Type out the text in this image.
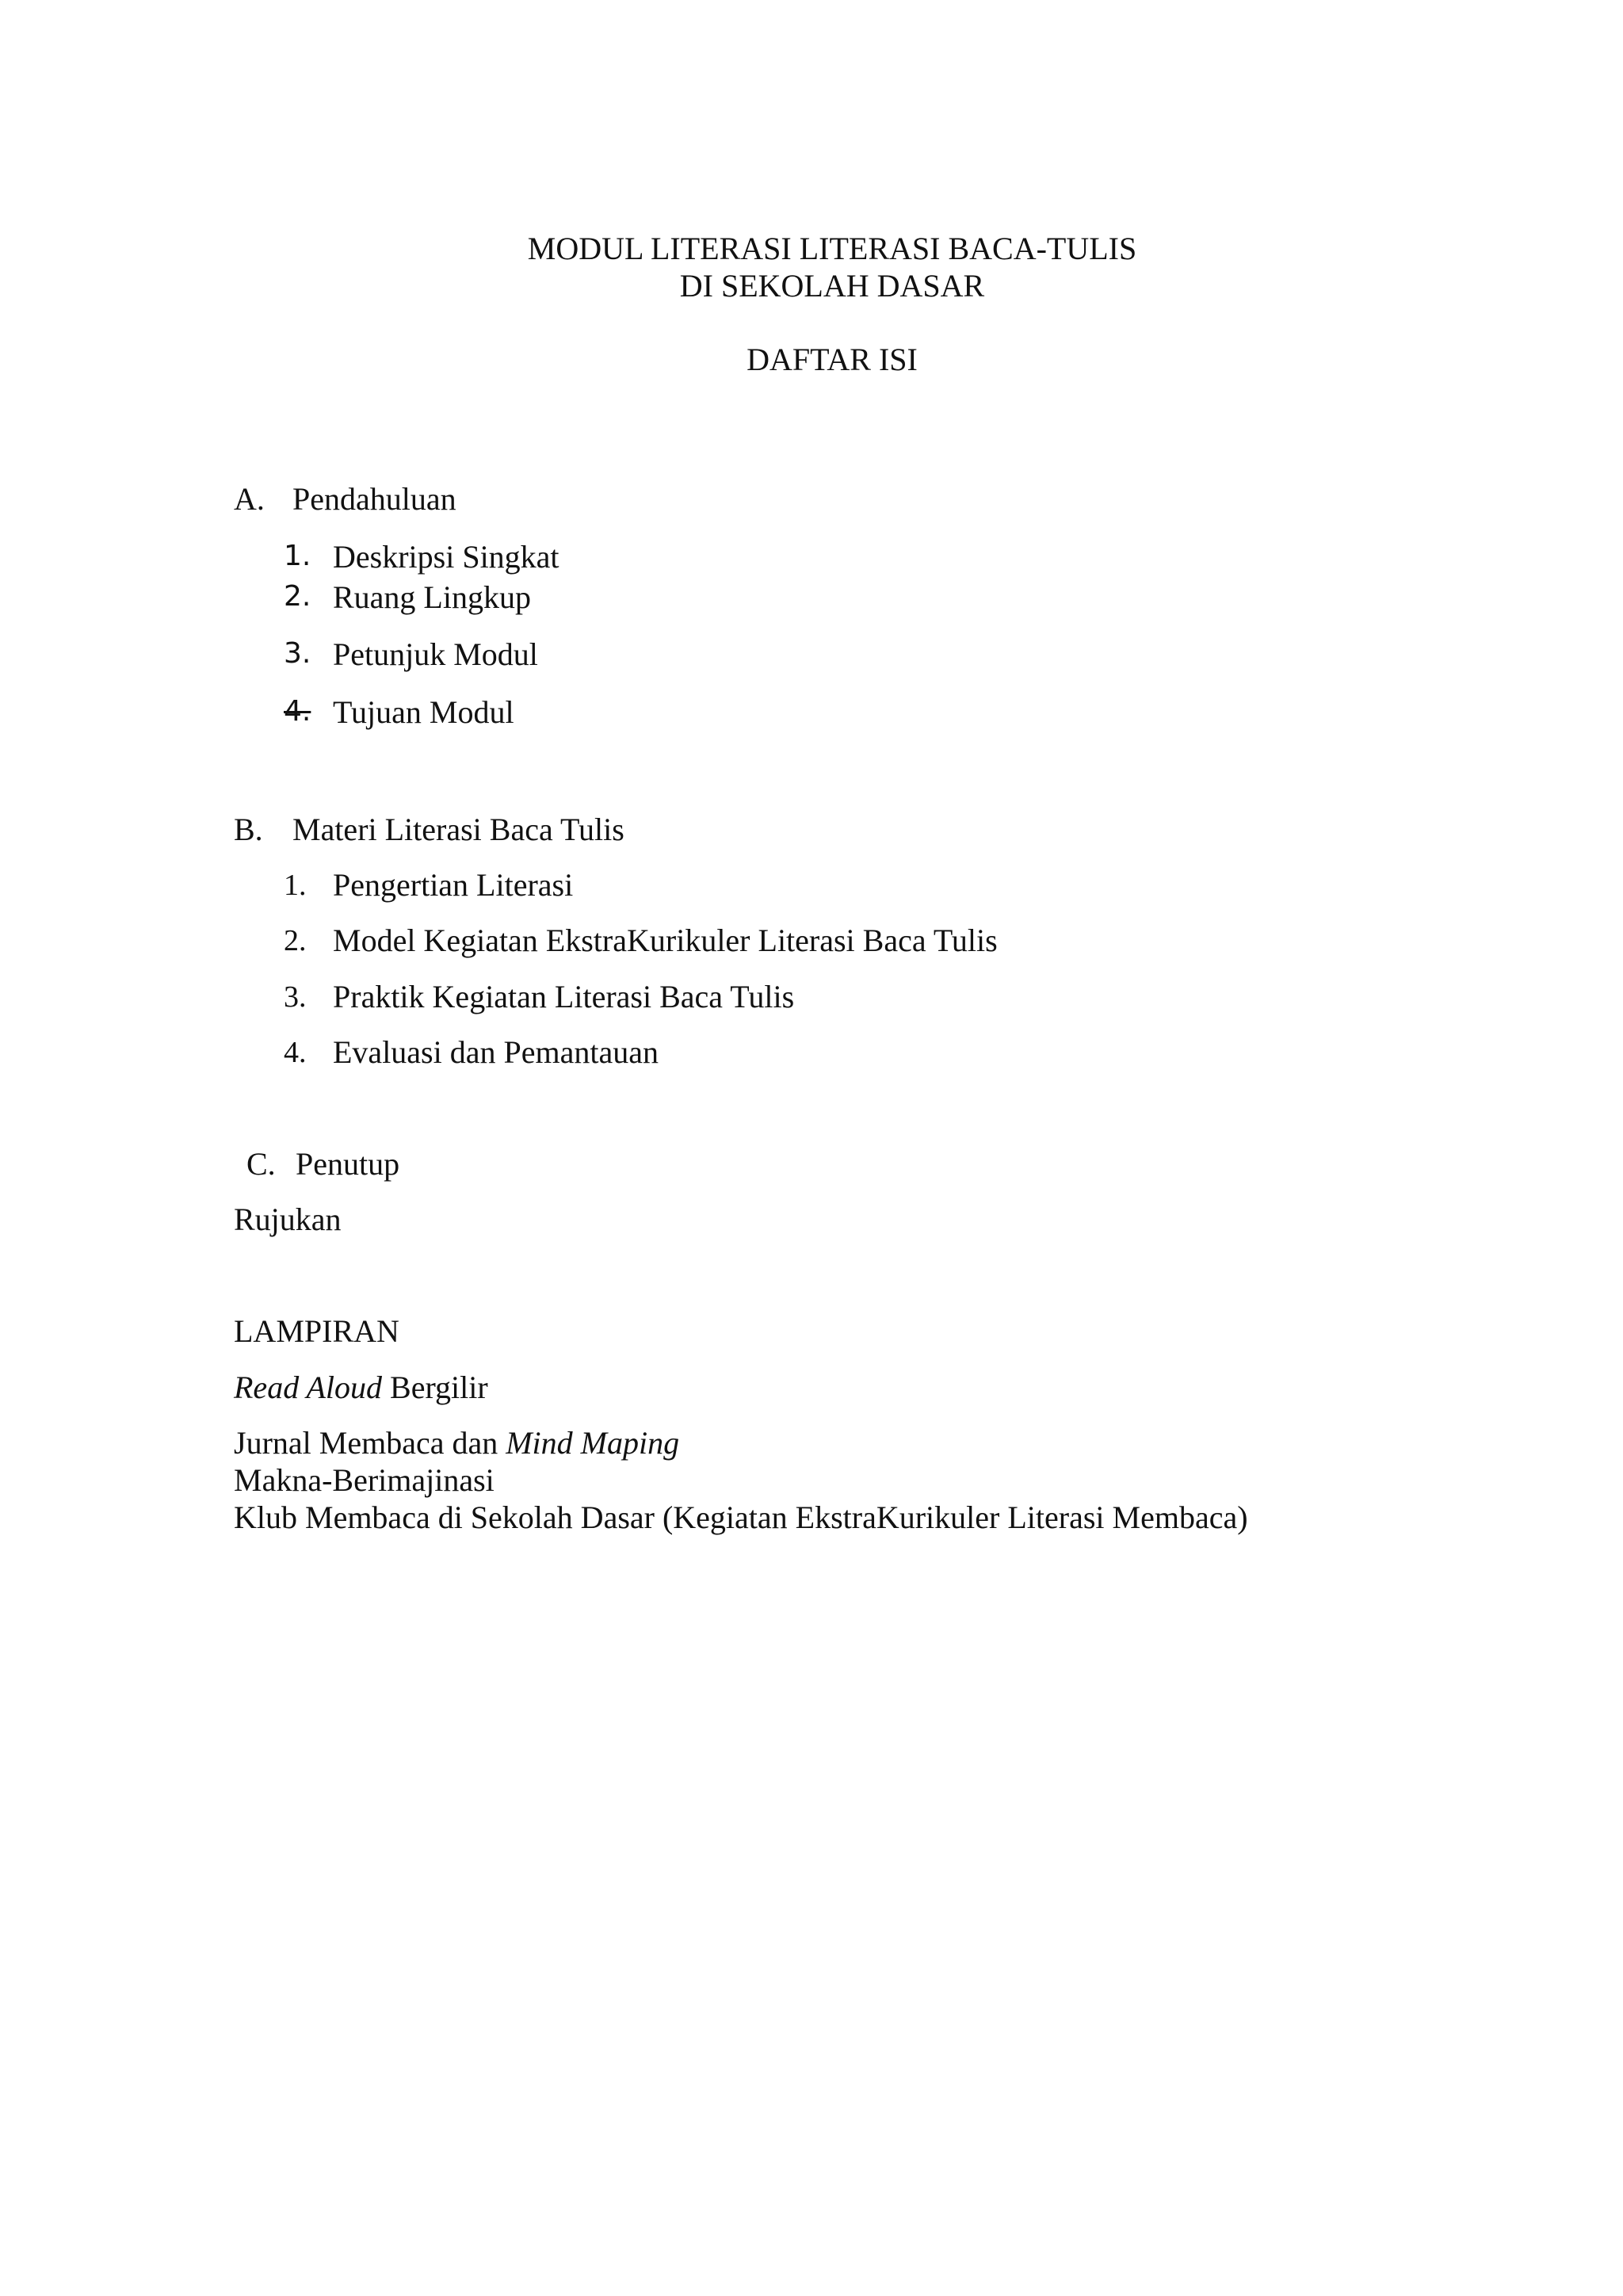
MODUL LITERASI LITERASI BACA-TULIS
DI SEKOLAH DASAR
DAFTAR ISI
A. Pendahuluan
1. Deskripsi Singkat
2. Ruang Lingkup
3. Petunjuk Modul
4. Tujuan Modul
B. Materi Literasi Baca Tulis
1. Pengertian Literasi
2. Model Kegiatan EkstraKurikuler Literasi Baca Tulis
3. Praktik Kegiatan Literasi Baca Tulis
4. Evaluasi dan Pemantauan
C. Penutup
Rujukan
LAMPIRAN
Read Aloud Bergilir
Jurnal Membaca dan Mind Maping
Makna-Berimajinasi
Klub Membaca di Sekolah Dasar (Kegiatan EkstraKurikuler Literasi Membaca)
